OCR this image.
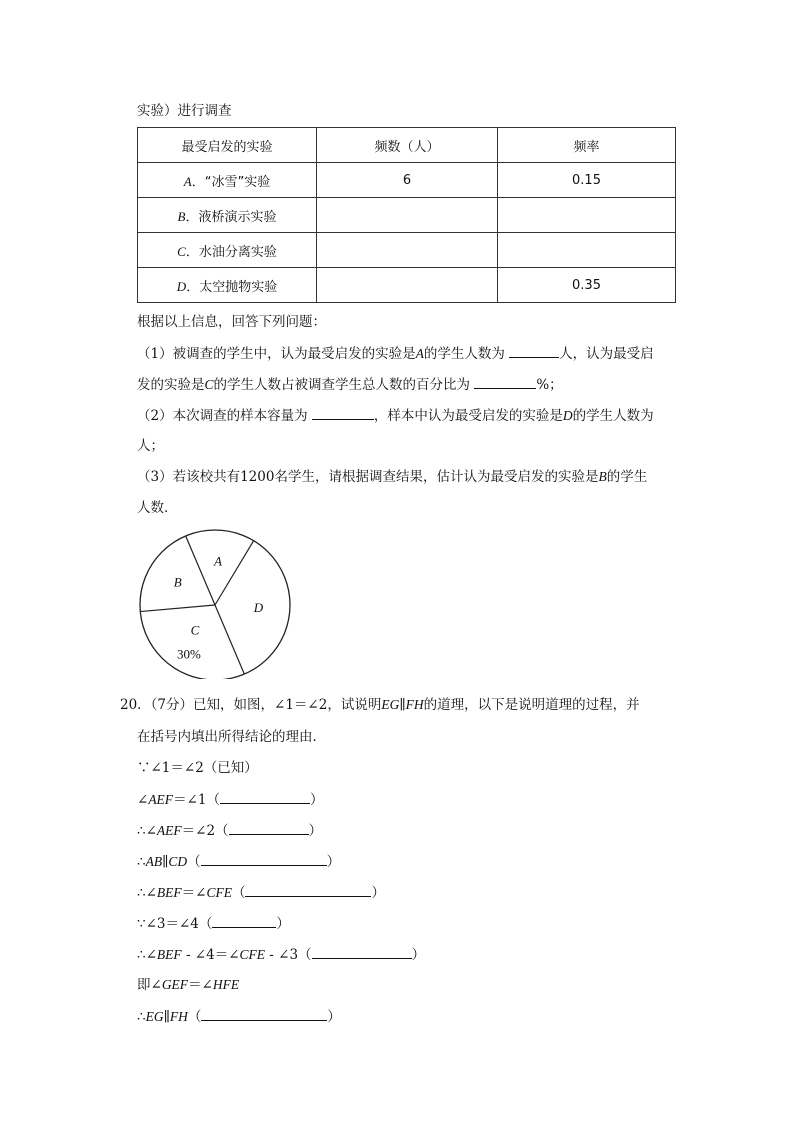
实验）进行调查
最受启发的实验	频数（人）	频率
A．“冰雪”实验	6	0.15
B．液桥演示实验		
C．水油分离实验		
D．太空抛物实验		0.35
根据以上信息，回答下列问题：
（1）被调查的学生中，认为最受启发的实验是A的学生人数为	人，认为最受启
发的实验是C的学生人数占被调查学生总人数的百分比为	%；
（2）本次调查的样本容量为	，样本中认为最受启发的实验是D的学生人数为
人；
（3）若该校共有1200名学生，请根据调查结果，估计认为最受启发的实验是B的学生
人数．
A
D
C
30%
B
20．（7分）已知，如图，∠1＝∠2，试说明EG∥FH的道理，以下是说明道理的过程，并
在括号内填出所得结论的理由．
∵∠1＝∠2（已知）
∠AEF＝∠1（	）
∴∠AEF＝∠2（	）
∴AB∥CD（	）
∴∠BEF＝∠CFE（	）
∵∠3＝∠4（	）
∴∠BEF - ∠4＝∠CFE - ∠3（	）
即∠GEF＝∠HFE
∴EG∥FH（	）
